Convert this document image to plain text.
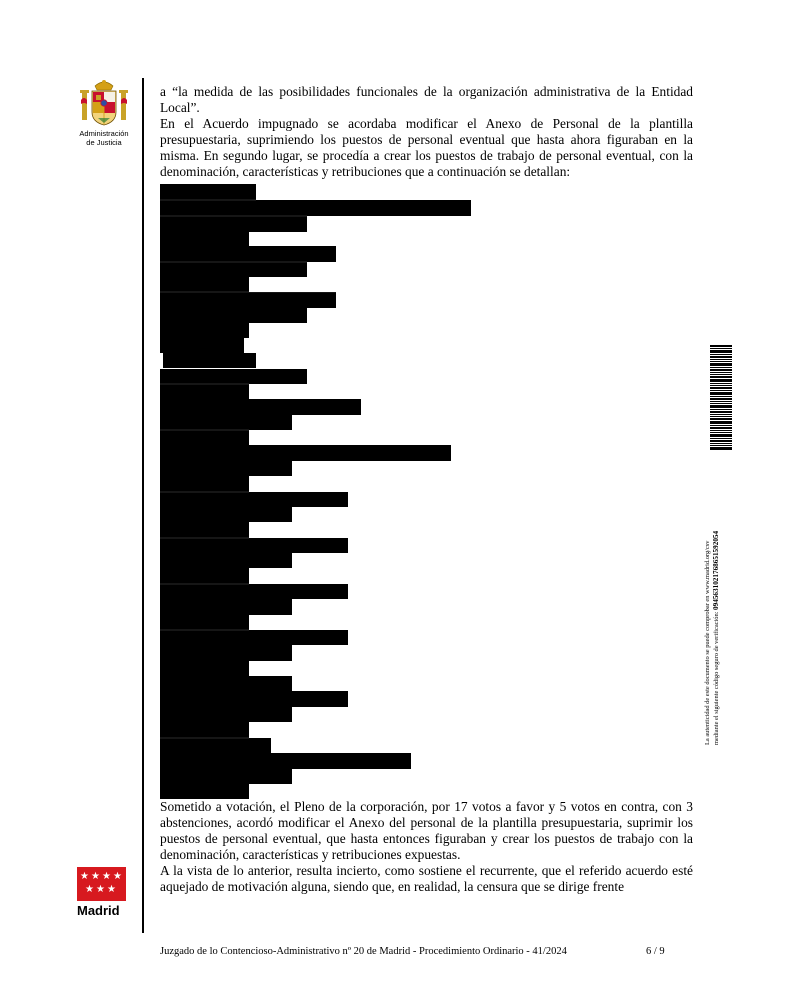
Administración
de Justicia

a “la medida de las posibilidades funcionales de la organización administrativa de la Entidad Local”.

En el Acuerdo impugnado se acordaba modificar el Anexo de Personal de la plantilla presupuestaria, suprimiendo los puestos de personal eventual que hasta ahora figuraban en la misma. En segundo lugar, se procedía a crear los puestos de trabajo de personal eventual, con la denominación, características y retribuciones que a continuación se detallan:

Sometido a votación, el Pleno de la corporación, por 17 votos a favor y 5 votos en contra, con 3 abstenciones, acordó modificar el Anexo del personal de la plantilla presupuestaria, suprimir los puestos de personal eventual, que hasta entonces figuraban y crear los puestos de trabajo con la denominación, características y retribuciones expuestas.

A la vista de lo anterior, resulta incierto, como sostiene el recurrente, que el referido acuerdo esté aquejado de motivación alguna, siendo que, en realidad, la censura que se dirige frente

La autenticidad de este documento se puede comprobar en www.madrid.org/csv mediante el siguiente código seguro de verificación: 0945631021768651592054
★ ★ ★ ★
★ ★ ★
Madrid
Juzgado de lo Contencioso-Administrativo nº 20 de Madrid - Procedimiento Ordinario - 41/2024	6 / 9
